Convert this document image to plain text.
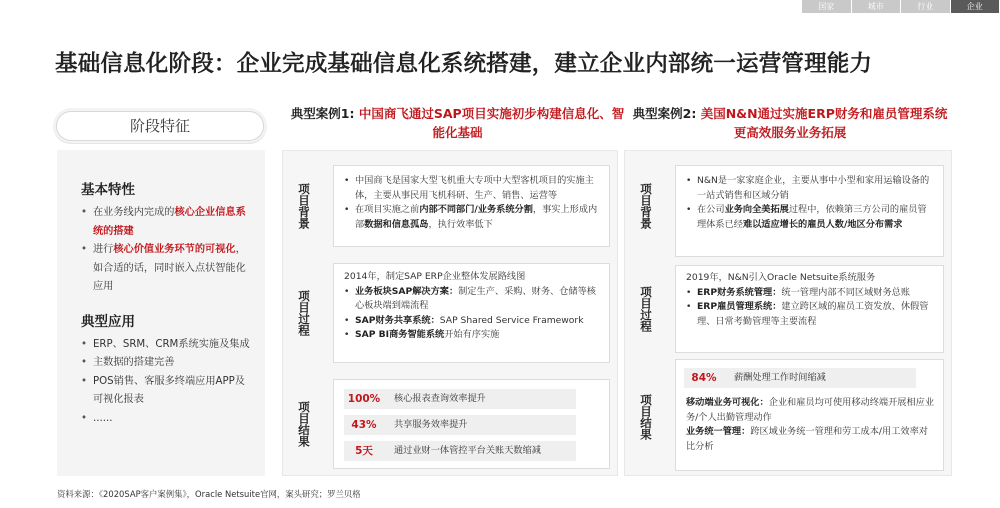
国家	城市	行业	企业
基础信息化阶段：企业完成基础信息化系统搭建，建立企业内部统一运营管理能力
阶段特征
基本特性
• 在业务线内完成的核心企业信息系统的搭建
• 进行核心价值业务环节的可视化，如合适的话，同时嵌入点状智能化应用
典型应用
• ERP、SRM、CRM系统实施及集成
• 主数据的搭建完善
• POS销售、客服多终端应用APP及可视化报表
• ......
典型案例1: 中国商飞通过SAP项目实施初步构建信息化、智能化基础
项目背景
• 中国商飞是国家大型飞机重大专项中大型客机项目的实施主体，主要从事民用飞机科研、生产、销售、运营等
• 在项目实施之前内部不同部门/业务系统分割，事实上形成内部数据和信息孤岛，执行效率低下
项目过程
2014年，制定SAP ERP企业整体发展路线图
• 业务板块SAP解决方案：制定生产、采购、财务、仓储等核心板块端到端流程
• SAP财务共享系统：SAP Shared Service Framework
• SAP BI商务智能系统开始有序实施
项目结果
100%	核心报表查询效率提升
43%	共享服务效率提升
5天	通过业财一体管控平台关账天数缩减
典型案例2: 美国N&N通过实施ERP财务和雇员管理系统更高效服务业务拓展
项目背景
• N&N是一家家庭企业，主要从事中小型和家用运输设备的一站式销售和区域分销
• 在公司业务向全美拓展过程中，依赖第三方公司的雇员管理体系已经难以适应增长的雇员人数/地区分布需求
项目过程
2019年，N&N引入Oracle Netsuite系统服务
• ERP财务系统管理：统一管理内部不同区域财务总账
• ERP雇员管理系统：建立跨区域的雇员工资发放、休假管理、日常考勤管理等主要流程
项目结果
84%	薪酬处理工作时间缩减
移动端业务可视化：企业和雇员均可使用移动终端开展相应业务/个人出勤管理动作
业务统一管理：跨区域业务统一管理和劳工成本/用工效率对比分析
资料来源：《2020SAP客户案例集》，Oracle Netsuite官网，案头研究；罗兰贝格
